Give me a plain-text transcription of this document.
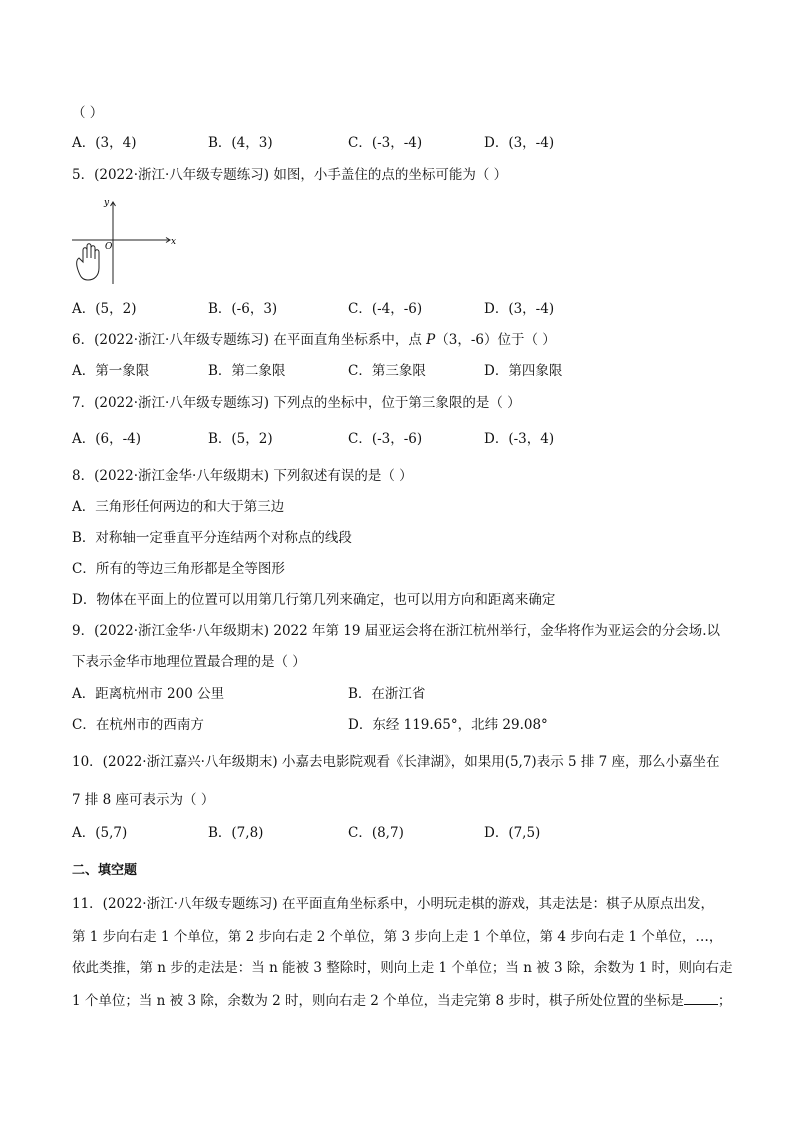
（ ）
A．(3，4)	B．(4，3)	C．(-3，-4)	D．(3，-4)
5．(2022·浙江·八年级专题练习) 如图，小手盖住的点的坐标可能为（ ）
y
x
O
A．(5，2)	B．(-6，3)	C．(-4，-6)	D．(3，-4)
6．(2022·浙江·八年级专题练习) 在平面直角坐标系中，点 P（3，-6）位于（ ）
A．第一象限	B．第二象限	C．第三象限	D．第四象限
7．(2022·浙江·八年级专题练习) 下列点的坐标中，位于第三象限的是（ ）
A．(6，-4)	B．(5，2)	C．(-3，-6)	D．(-3，4)
8．(2022·浙江金华·八年级期末) 下列叙述有误的是（ ）
A．三角形任何两边的和大于第三边
B．对称轴一定垂直平分连结两个对称点的线段
C．所有的等边三角形都是全等图形
D．物体在平面上的位置可以用第几行第几列来确定，也可以用方向和距离来确定
9．(2022·浙江金华·八年级期末) 2022 年第 19 届亚运会将在浙江杭州举行，金华将作为亚运会的分会场.以
下表示金华市地理位置最合理的是（ ）
A．距离杭州市 200 公里	B．在浙江省
C．在杭州市的西南方	D．东经 119.65°，北纬 29.08°
10．(2022·浙江嘉兴·八年级期末) 小嘉去电影院观看《长津湖》，如果用(5,7)表示 5 排 7 座，那么小嘉坐在
7 排 8 座可表示为（ ）
A．(5,7)	B．(7,8)	C．(8,7)	D．(7,5)
二、填空题
11．(2022·浙江·八年级专题练习) 在平面直角坐标系中，小明玩走棋的游戏，其走法是：棋子从原点出发，
第 1 步向右走 1 个单位，第 2 步向右走 2 个单位，第 3 步向上走 1 个单位，第 4 步向右走 1 个单位，…，
依此类推，第 n 步的走法是：当 n 能被 3 整除时，则向上走 1 个单位；当 n 被 3 除，余数为 1 时，则向右走
1 个单位；当 n 被 3 除，余数为 2 时，则向右走 2 个单位，当走完第 8 步时，棋子所处位置的坐标是	；
